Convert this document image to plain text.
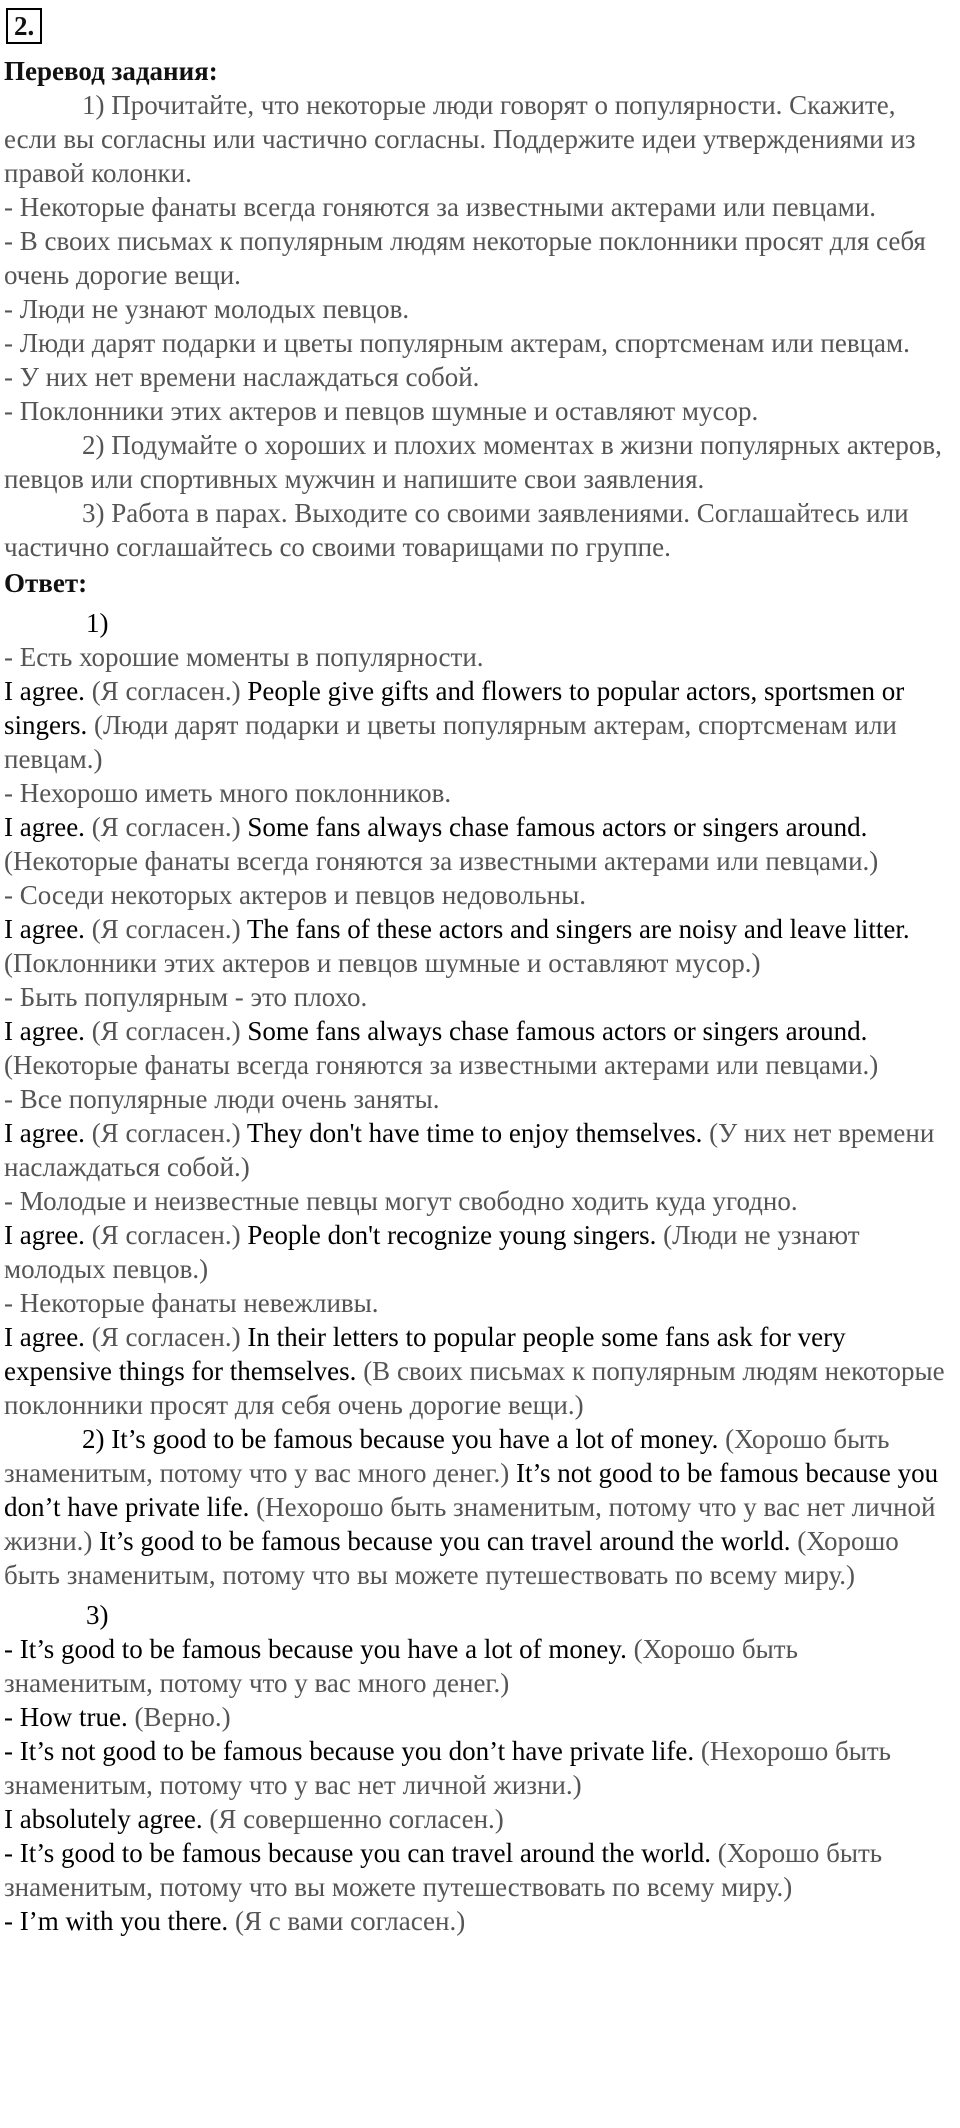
2.
Перевод задания:
1) Прочитайте, что некоторые люди говорят о популярности. Скажите, если вы согласны или частично согласны. Поддержите идеи утверждениями из правой колонки.
- Некоторые фанаты всегда гоняются за известными актерами или певцами.
- В своих письмах к популярным людям некоторые поклонники просят для себя очень дорогие вещи.
- Люди не узнают молодых певцов.
- Люди дарят подарки и цветы популярным актерам, спортсменам или певцам.
- У них нет времени наслаждаться собой.
- Поклонники этих актеров и певцов шумные и оставляют мусор.
2) Подумайте о хороших и плохих моментах в жизни популярных актеров, певцов или спортивных мужчин и напишите свои заявления.
3) Работа в парах. Выходите со своими заявлениями. Соглашайтесь или частично соглашайтесь со своими товарищами по группе.
Ответ:
1)
- Есть хорошие моменты в популярности.
I agree. (Я согласен.) People give gifts and flowers to popular actors, sportsmen or singers. (Люди дарят подарки и цветы популярным актерам, спортсменам или певцам.)
- Нехорошо иметь много поклонников.
I agree. (Я согласен.) Some fans always chase famous actors or singers around. (Некоторые фанаты всегда гоняются за известными актерами или певцами.)
- Соседи некоторых актеров и певцов недовольны.
I agree. (Я согласен.) The fans of these actors and singers are noisy and leave litter. (Поклонники этих актеров и певцов шумные и оставляют мусор.)
- Быть популярным - это плохо.
I agree. (Я согласен.) Some fans always chase famous actors or singers around. (Некоторые фанаты всегда гоняются за известными актерами или певцами.)
- Все популярные люди очень заняты.
I agree. (Я согласен.) They don't have time to enjoy themselves. (У них нет времени наслаждаться собой.)
- Молодые и неизвестные певцы могут свободно ходить куда угодно.
I agree. (Я согласен.) People don't recognize young singers. (Люди не узнают молодых певцов.)
- Некоторые фанаты невежливы.
I agree. (Я согласен.) In their letters to popular people some fans ask for very expensive things for themselves. (В своих письмах к популярным людям некоторые поклонники просят для себя очень дорогие вещи.)
2) It’s good to be famous because you have a lot of money. (Хорошо быть знаменитым, потому что у вас много денег.) It’s not good to be famous because you don’t have private life. (Нехорошо быть знаменитым, потому что у вас нет личной жизни.) It’s good to be famous because you can travel around the world. (Хорошо быть знаменитым, потому что вы можете путешествовать по всему миру.)
3)
- It’s good to be famous because you have a lot of money. (Хорошо быть знаменитым, потому что у вас много денег.)
- How true. (Верно.)
- It’s not good to be famous because you don’t have private life. (Нехорошо быть знаменитым, потому что у вас нет личной жизни.)
I absolutely agree. (Я совершенно согласен.)
- It’s good to be famous because you can travel around the world. (Хорошо быть знаменитым, потому что вы можете путешествовать по всему миру.)
- I’m with you there. (Я с вами согласен.)
